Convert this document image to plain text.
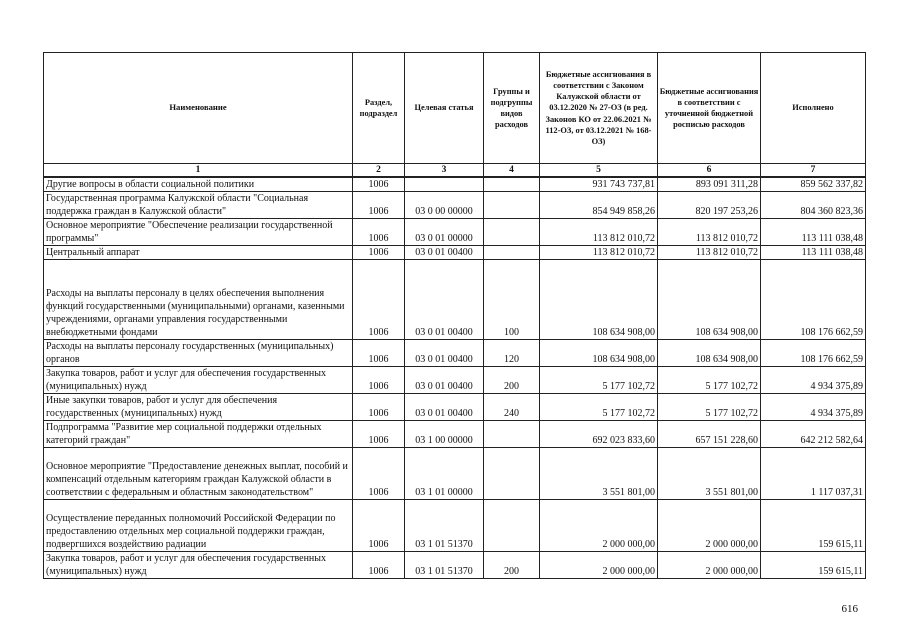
Наименование	Раздел, подраздел	Целевая статья	Группы и подгруппы видов расходов	Бюджетные ассигнования в соответствии с Законом Калужской области от 03.12.2020 № 27-ОЗ (в ред. Законов КО от 22.06.2021 № 112-ОЗ, от 03.12.2021 № 168-ОЗ)	Бюджетные ассигнования в соответствии с уточненной бюджетной росписью расходов	Исполнено
1	2	3	4	5	6	7
Другие вопросы в области социальной политики	1006			931 743 737,81	893 091 311,28	859 562 337,82
Государственная программа Калужской области "Социальная поддержка граждан в Калужской области"	1006	03 0 00 00000		854 949 858,26	820 197 253,26	804 360 823,36
Основное мероприятие "Обеспечение реализации государственной программы"	1006	03 0 01 00000		113 812 010,72	113 812 010,72	113 111 038,48
Центральный аппарат	1006	03 0 01 00400		113 812 010,72	113 812 010,72	113 111 038,48
Расходы на выплаты персоналу в целях обеспечения выполнения функций государственными (муниципальными) органами, казенными учреждениями, органами управления государственными внебюджетными фондами	1006	03 0 01 00400	100	108 634 908,00	108 634 908,00	108 176 662,59
Расходы на выплаты персоналу государственных (муниципальных) органов	1006	03 0 01 00400	120	108 634 908,00	108 634 908,00	108 176 662,59
Закупка товаров, работ и услуг для обеспечения государственных (муниципальных) нужд	1006	03 0 01 00400	200	5 177 102,72	5 177 102,72	4 934 375,89
Иные закупки товаров, работ и услуг для обеспечения государственных (муниципальных) нужд	1006	03 0 01 00400	240	5 177 102,72	5 177 102,72	4 934 375,89
Подпрограмма "Развитие мер социальной поддержки отдельных категорий граждан"	1006	03 1 00 00000		692 023 833,60	657 151 228,60	642 212 582,64
Основное мероприятие "Предоставление денежных выплат, пособий и компенсаций отдельным категориям граждан Калужской области в соответствии с федеральным и областным законодательством"	1006	03 1 01 00000		3 551 801,00	3 551 801,00	1 117 037,31
Осуществление переданных полномочий Российской Федерации по предоставлению отдельных мер социальной поддержки граждан, подвергшихся воздействию радиации	1006	03 1 01 51370		2 000 000,00	2 000 000,00	159 615,11
Закупка товаров, работ и услуг для обеспечения государственных (муниципальных) нужд	1006	03 1 01 51370	200	2 000 000,00	2 000 000,00	159 615,11
616
